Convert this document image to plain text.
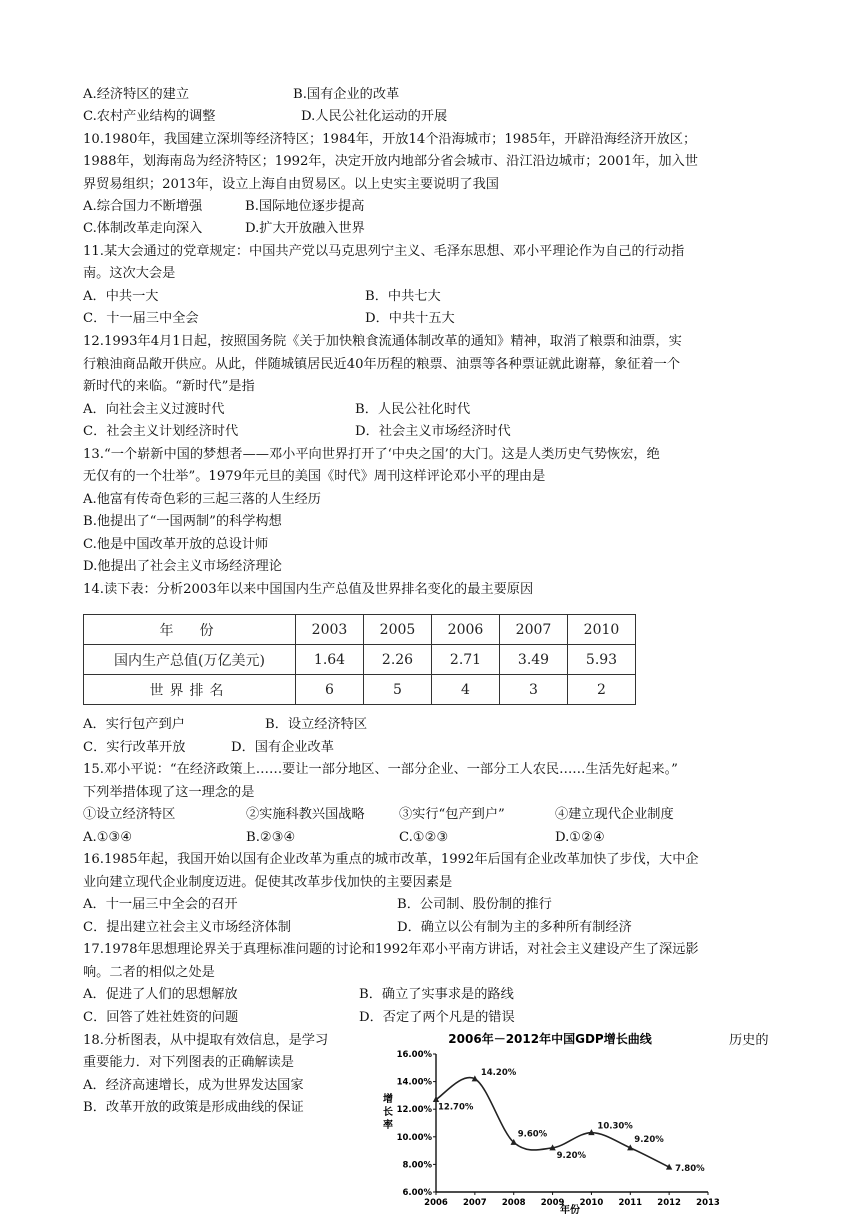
A.经济特区的建立	B.国有企业的改革
C.农村产业结构的调整	D.人民公社化运动的开展
10.1980年，我国建立深圳等经济特区；1984年，开放14个沿海城市；1985年，开辟沿海经济开放区；
1988年，划海南岛为经济特区；1992年，决定开放内地部分省会城市、沿江沿边城市；2001年，加入世
界贸易组织；2013年，设立上海自由贸易区。以上史实主要说明了我国
A.综合国力不断增强	B.国际地位逐步提高
C.体制改革走向深入	D.扩大开放融入世界
11.某大会通过的党章规定：中国共产党以马克思列宁主义、毛泽东思想、邓小平理论作为自己的行动指
南。这次大会是
A．中共一大	B．中共七大
C．十一届三中全会	D．中共十五大
12.1993年4月1日起，按照国务院《关于加快粮食流通体制改革的通知》精神，取消了粮票和油票，实
行粮油商品敞开供应。从此，伴随城镇居民近40年历程的粮票、油票等各种票证就此谢幕，象征着一个
新时代的来临。“新时代”是指
A．向社会主义过渡时代	B．人民公社化时代
C．社会主义计划经济时代	D．社会主义市场经济时代
13.“一个崭新中国的梦想者——邓小平向世界打开了‘中央之国’的大门。这是人类历史气势恢宏，绝
无仅有的一个壮举”。1979年元旦的美国《时代》周刊这样评论邓小平的理由是
A.他富有传奇色彩的三起三落的人生经历
B.他提出了“一国两制”的科学构想
C.他是中国改革开放的总设计师
D.他提出了社会主义市场经济理论
14.读下表：分析2003年以来中国国内生产总值及世界排名变化的最主要原因
年　份	2003	2005	2006	2007	2010
国内生产总值(万亿美元)	1.64	2.26	2.71	3.49	5.93
世界排名	6	5	4	3	2
A．实行包产到户	B．设立经济特区
C．实行改革开放	D．国有企业改革
15.邓小平说：“在经济政策上……要让一部分地区、一部分企业、一部分工人农民……生活先好起来。”
下列举措体现了这一理念的是
①设立经济特区	②实施科教兴国战略	③实行“包产到户”	④建立现代企业制度
A.①③④	B.②③④	C.①②③	D.①②④
16.1985年起，我国开始以国有企业改革为重点的城市改革，1992年后国有企业改革加快了步伐，大中企
业向建立现代企业制度迈进。促使其改革步伐加快的主要因素是
A．十一届三中全会的召开	B．公司制、股份制的推行
C．提出建立社会主义市场经济体制	D．确立以公有制为主的多种所有制经济
17.1978年思想理论界关于真理标准问题的讨论和1992年邓小平南方讲话，对社会主义建设产生了深远影
响。二者的相似之处是
A．促进了人们的思想解放	B．确立了实事求是的路线
C．回答了姓社姓资的问题	D．否定了两个凡是的错误
18.分析图表，从中提取有效信息，是学习	历史的
重要能力．对下列图表的正确解读是
A．经济高速增长，成为世界发达国家
B．改革开放的政策是形成曲线的保证
2006年－2012年中国GDP增长曲线
增
长
率
年份
6.00%
8.00%
10.00%
12.00%
14.00%
16.00%
2006 2007 2008 2009 2010 2011 2012 2013
12.70%
14.20%
9.60%
9.20%
10.30%
9.20%
7.80%
